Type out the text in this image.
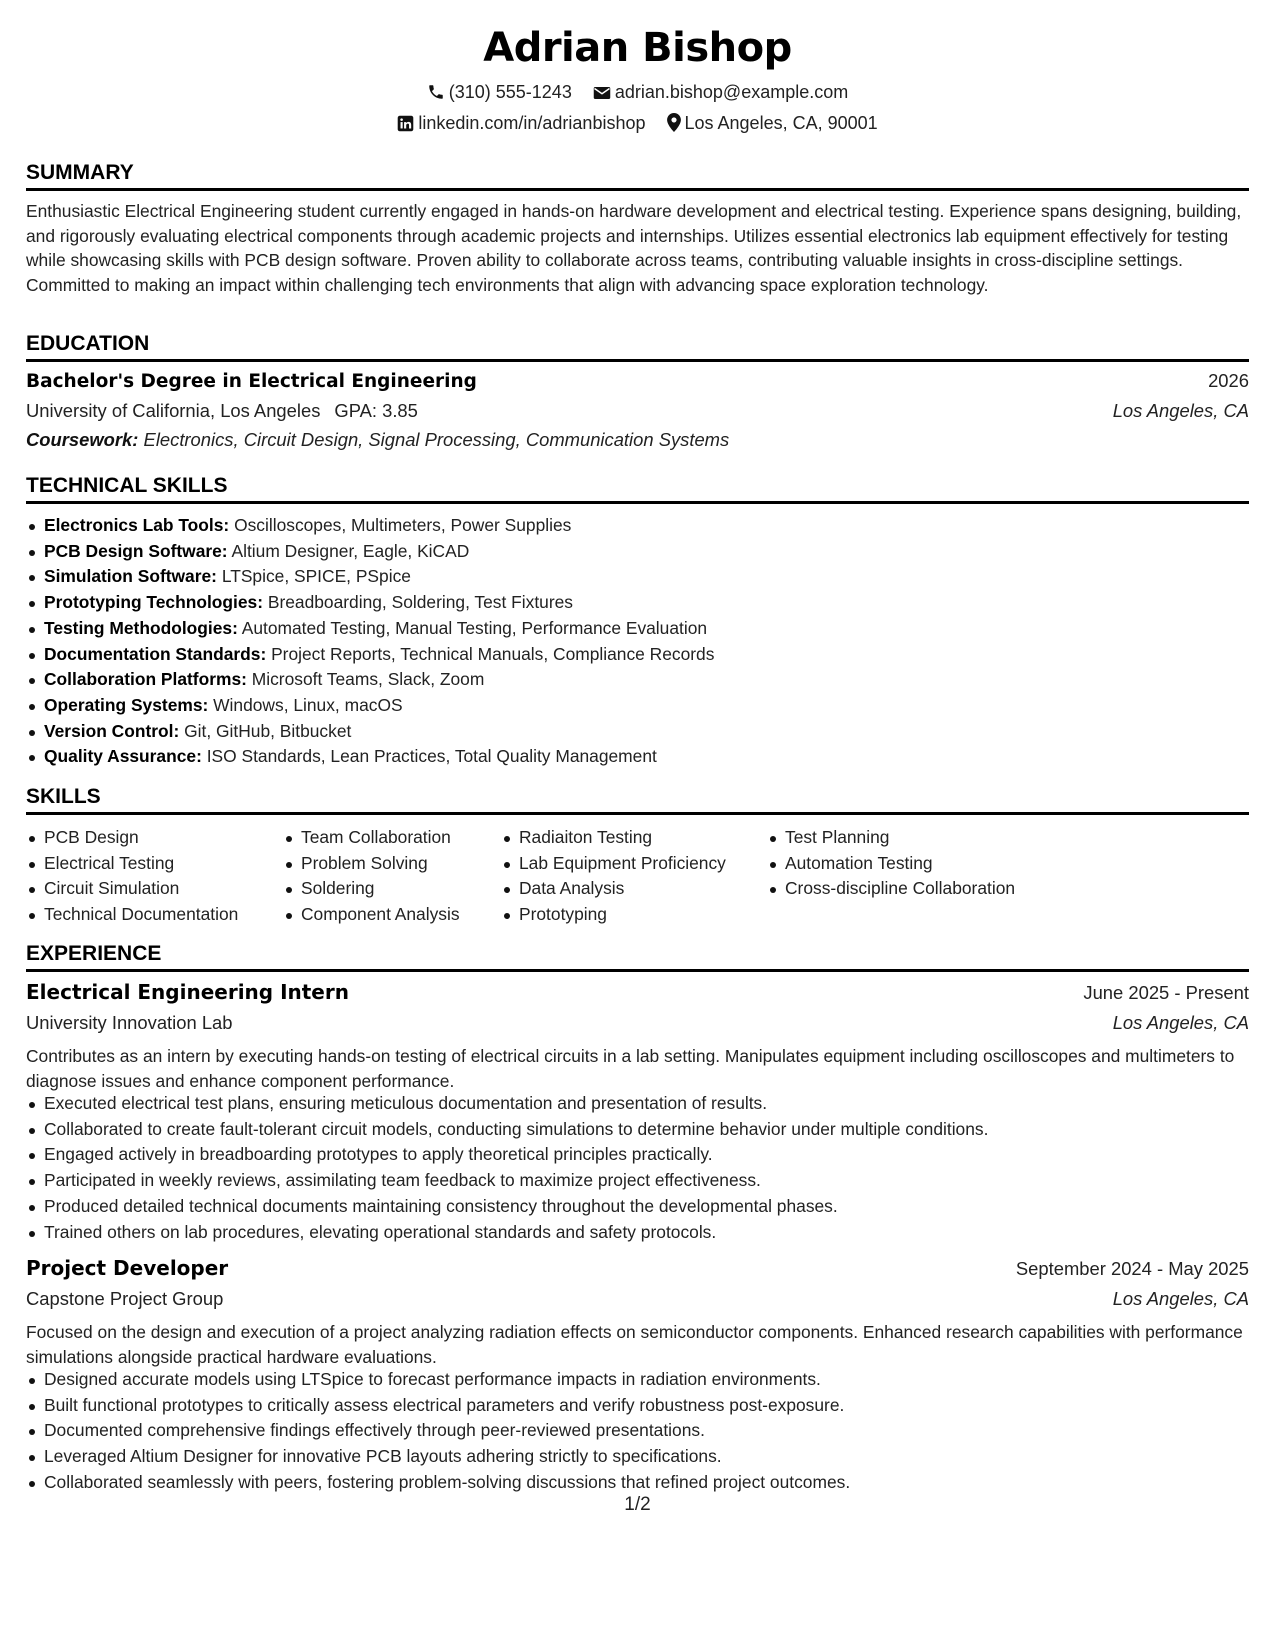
Adrian Bishop
(310) 555-1243 adrian.bishop@example.com
linkedin.com/in/adrianbishop Los Angeles, CA, 90001
SUMMARY
Enthusiastic Electrical Engineering student currently engaged in hands-on hardware development and electrical testing. Experience spans designing, building, and rigorously evaluating electrical components through academic projects and internships. Utilizes essential electronics lab equipment effectively for testing while showcasing skills with PCB design software. Proven ability to collaborate across teams, contributing valuable insights in cross-discipline settings. Committed to making an impact within challenging tech environments that align with advancing space exploration technology.
EDUCATION
Bachelor's Degree in Electrical Engineering	2026
University of California, Los Angeles GPA: 3.85	Los Angeles, CA
Coursework: Electronics, Circuit Design, Signal Processing, Communication Systems
TECHNICAL SKILLS
Electronics Lab Tools: Oscilloscopes, Multimeters, Power Supplies
PCB Design Software: Altium Designer, Eagle, KiCAD
Simulation Software: LTSpice, SPICE, PSpice
Prototyping Technologies: Breadboarding, Soldering, Test Fixtures
Testing Methodologies: Automated Testing, Manual Testing, Performance Evaluation
Documentation Standards: Project Reports, Technical Manuals, Compliance Records
Collaboration Platforms: Microsoft Teams, Slack, Zoom
Operating Systems: Windows, Linux, macOS
Version Control: Git, GitHub, Bitbucket
Quality Assurance: ISO Standards, Lean Practices, Total Quality Management
SKILLS
PCB Design
Electrical Testing
Circuit Simulation
Technical Documentation
Team Collaboration
Problem Solving
Soldering
Component Analysis
Radiaiton Testing
Lab Equipment Proficiency
Data Analysis
Prototyping
Test Planning
Automation Testing
Cross-discipline Collaboration
EXPERIENCE
Electrical Engineering Intern	June 2025 - Present
University Innovation Lab	Los Angeles, CA
Contributes as an intern by executing hands-on testing of electrical circuits in a lab setting. Manipulates equipment including oscilloscopes and multimeters to diagnose issues and enhance component performance.
Executed electrical test plans, ensuring meticulous documentation and presentation of results.
Collaborated to create fault-tolerant circuit models, conducting simulations to determine behavior under multiple conditions.
Engaged actively in breadboarding prototypes to apply theoretical principles practically.
Participated in weekly reviews, assimilating team feedback to maximize project effectiveness.
Produced detailed technical documents maintaining consistency throughout the developmental phases.
Trained others on lab procedures, elevating operational standards and safety protocols.
Project Developer	September 2024 - May 2025
Capstone Project Group	Los Angeles, CA
Focused on the design and execution of a project analyzing radiation effects on semiconductor components. Enhanced research capabilities with performance simulations alongside practical hardware evaluations.
Designed accurate models using LTSpice to forecast performance impacts in radiation environments.
Built functional prototypes to critically assess electrical parameters and verify robustness post-exposure.
Documented comprehensive findings effectively through peer-reviewed presentations.
Leveraged Altium Designer for innovative PCB layouts adhering strictly to specifications.
Collaborated seamlessly with peers, fostering problem-solving discussions that refined project outcomes.
1/2
